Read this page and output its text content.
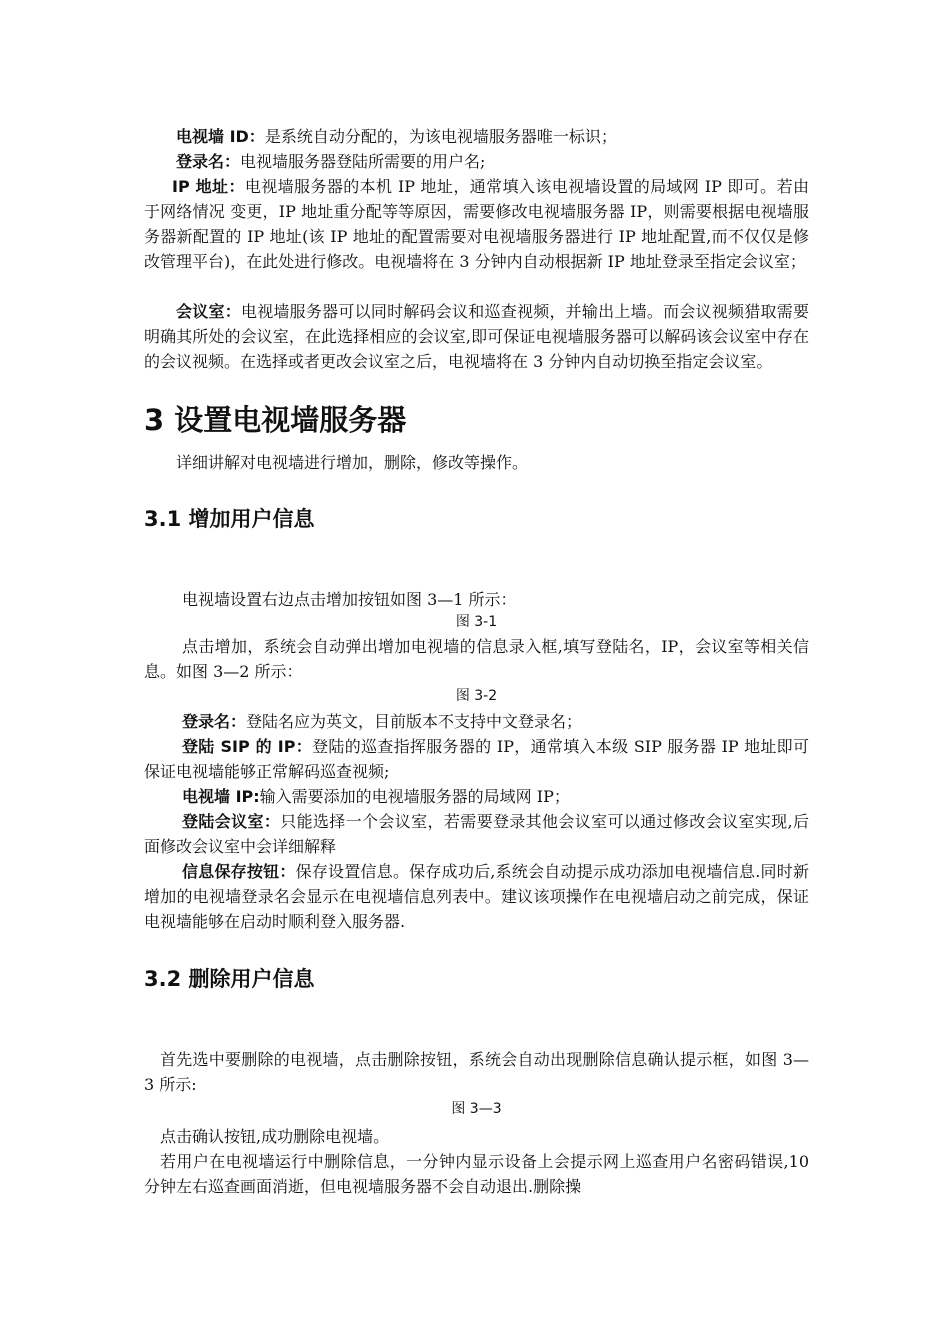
电视墙 ID：是系统自动分配的，为该电视墙服务器唯一标识；
登录名：电视墙服务器登陆所需要的用户名;
IP 地址：电视墙服务器的本机 IP 地址，通常填入该电视墙设置的局域网 IP 即可。若由于网络情况 变更，IP 地址重分配等等原因，需要修改电视墙服务器 IP，则需要根据电视墙服务器新配置的 IP 地址(该 IP 地址的配置需要对电视墙服务器进行 IP 地址配置,而不仅仅是修改管理平台)，在此处进行修改。电视墙将在 3 分钟内自动根据新 IP 地址登录至指定会议室；
会议室：电视墙服务器可以同时解码会议和巡查视频，并输出上墙。而会议视频猎取需要明确其所处的会议室，在此选择相应的会议室,即可保证电视墙服务器可以解码该会议室中存在的会议视频。在选择或者更改会议室之后，电视墙将在 3 分钟内自动切换至指定会议室。
3 设置电视墙服务器
详细讲解对电视墙进行增加，删除，修改等操作。
3.1 增加用户信息
电视墙设置右边点击增加按钮如图 3—1 所示：
图 3-1
点击增加，系统会自动弹出增加电视墙的信息录入框,填写登陆名，IP，会议室等相关信息。如图 3—2 所示：
图 3-2
登录名：登陆名应为英文，目前版本不支持中文登录名；
登陆 SIP 的 IP：登陆的巡查指挥服务器的 IP，通常填入本级 SIP 服务器 IP 地址即可保证电视墙能够正常解码巡查视频;
电视墙 IP:输入需要添加的电视墙服务器的局域网 IP；
登陆会议室：只能选择一个会议室，若需要登录其他会议室可以通过修改会议室实现,后面修改会议室中会详细解释
信息保存按钮：保存设置信息。保存成功后,系统会自动提示成功添加电视墙信息.同时新增加的电视墙登录名会显示在电视墙信息列表中。建议该项操作在电视墙启动之前完成，保证电视墙能够在启动时顺利登入服务器.
3.2 删除用户信息
首先选中要删除的电视墙，点击删除按钮，系统会自动出现删除信息确认提示框，如图 3—3 所示:
图 3—3
点击确认按钮,成功删除电视墙。
若用户在电视墙运行中删除信息，一分钟内显示设备上会提示网上巡查用户名密码错误,10 分钟左右巡查画面消逝，但电视墙服务器不会自动退出.删除操
